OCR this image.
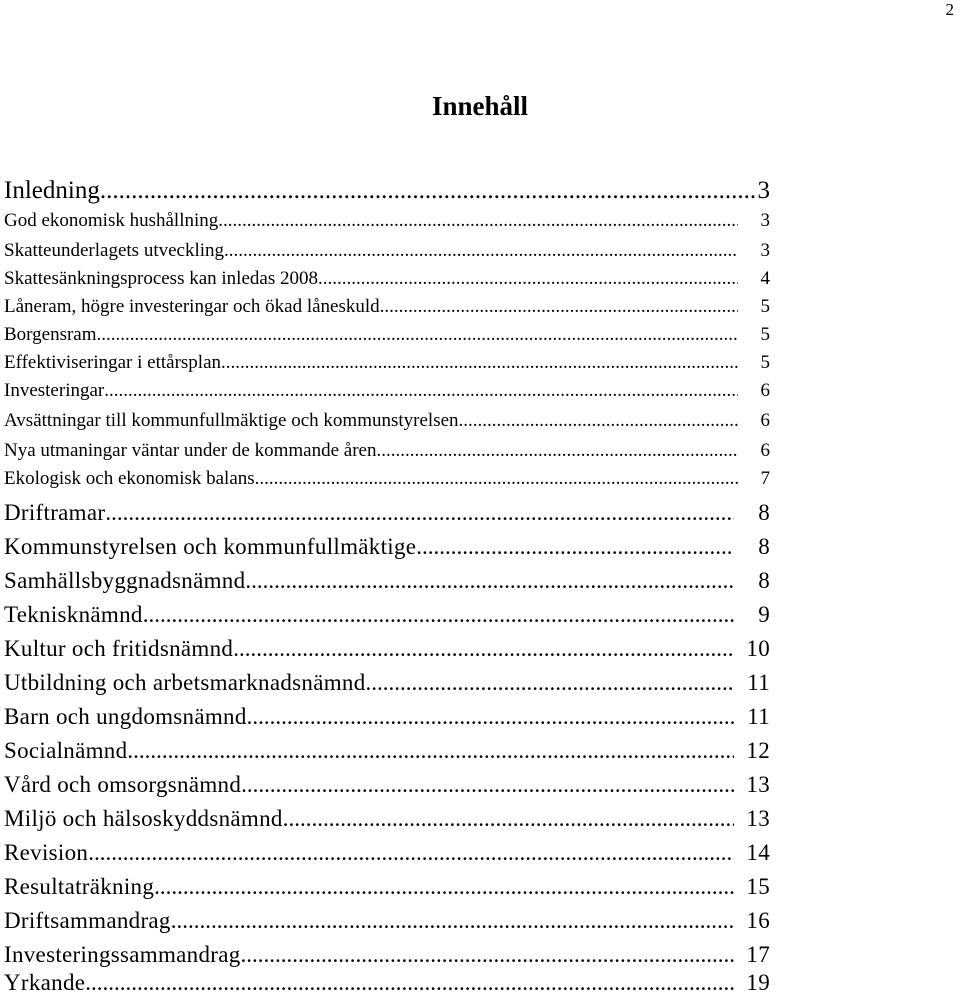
2
Innehåll
Inledning .....	3
God ekonomisk hushållning .....	3
Skatteunderlagets utveckling .....	3
Skattesänkningsprocess kan inledas 2008 .....	4
Låneram, högre investeringar och ökad låneskuld .....	5
Borgensram .....	5
Effektiviseringar i ettårsplan .....	5
Investeringar .....	6
Avsättningar till kommunfullmäktige och kommunstyrelsen .....	6
Nya utmaningar väntar under de kommande åren .....	6
Ekologisk och ekonomisk balans .....	7
Driftramar .....	8
Kommunstyrelsen och kommunfullmäktige .....	8
Samhällsbyggnadsnämnd .....	8
Teknisknämnd .....	9
Kultur och fritidsnämnd .....	10
Utbildning och arbetsmarknadsnämnd .....	11
Barn och ungdomsnämnd .....	11
Socialnämnd .....	12
Vård och omsorgsnämnd .....	13
Miljö och hälsoskyddsnämnd .....	13
Revision .....	14
Resultaträkning .....	15
Driftsammandrag .....	16
Investeringssammandrag .....	17
Yrkande .....	19
